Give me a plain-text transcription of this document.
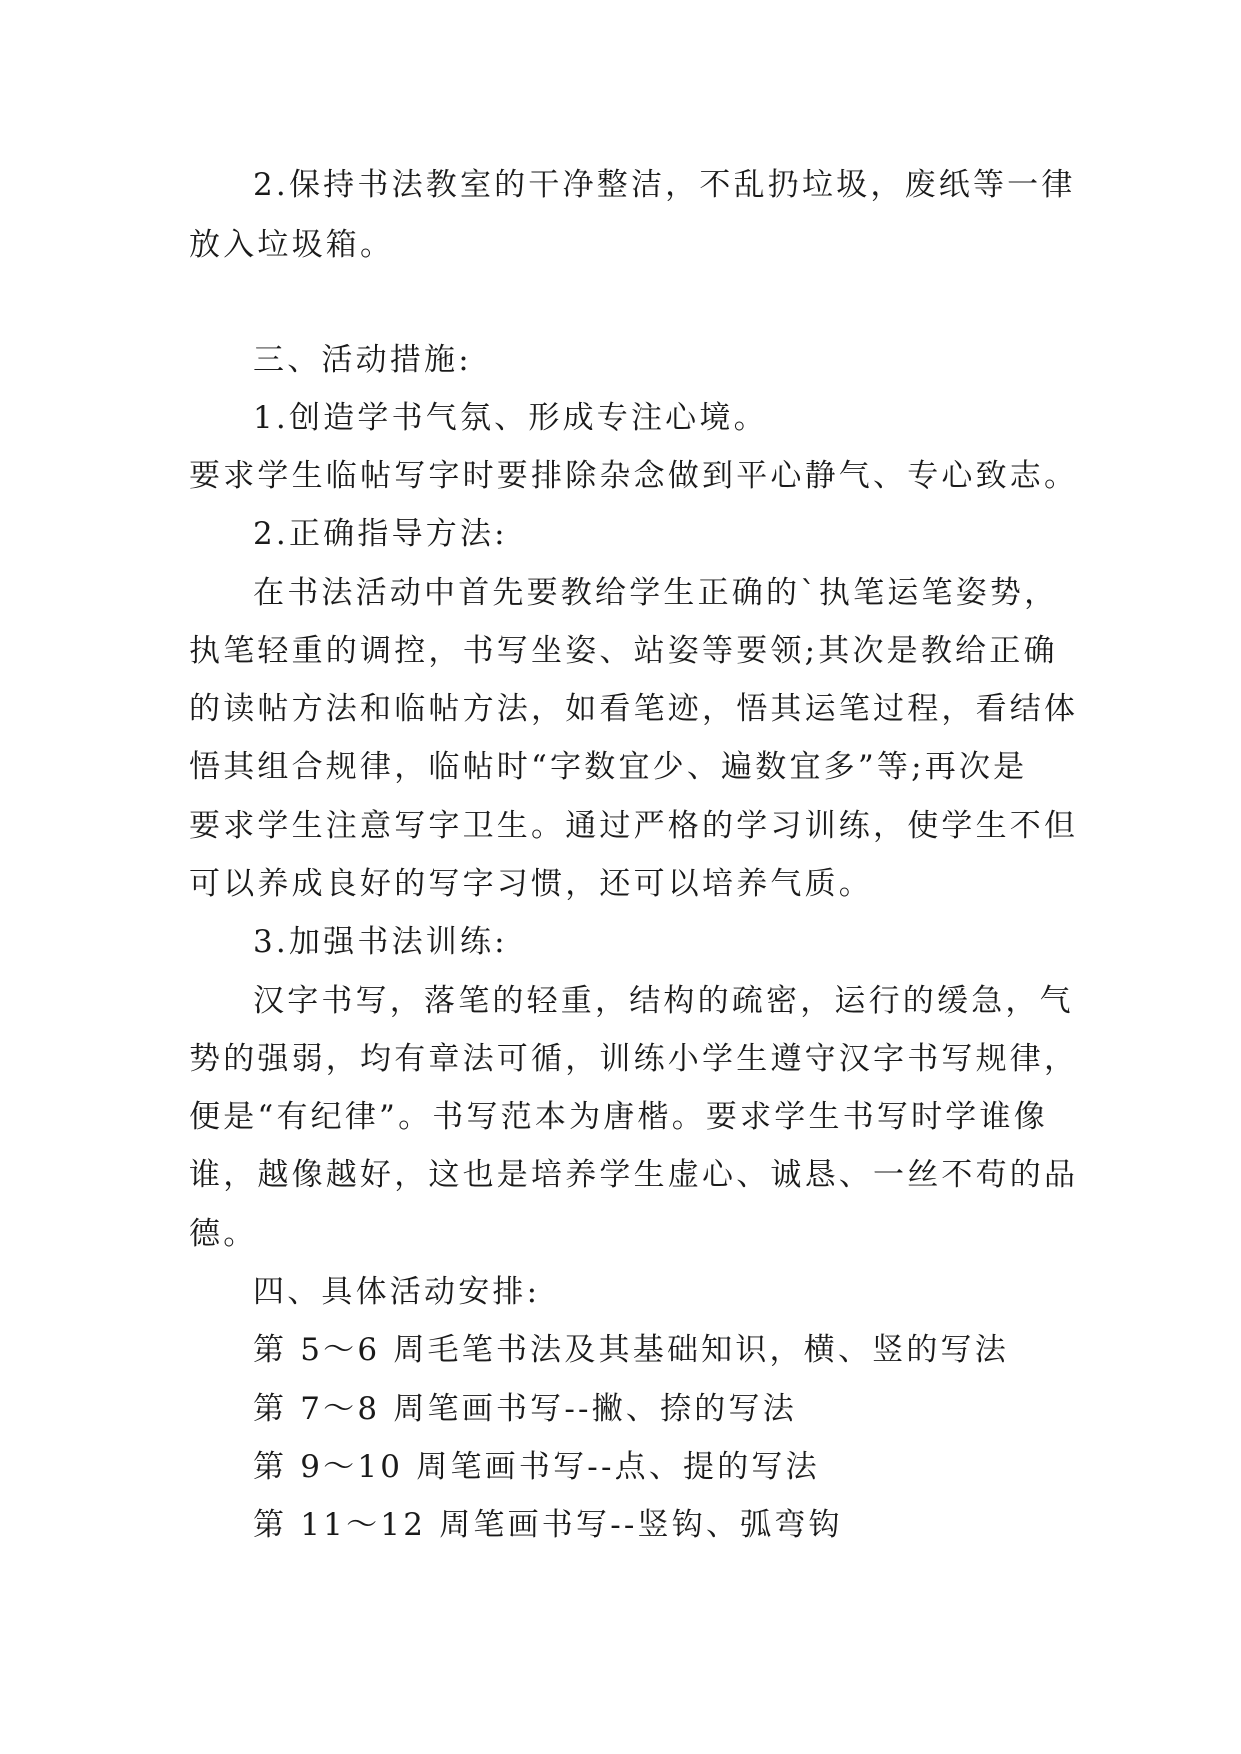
2.保持书法教室的干净整洁，不乱扔垃圾，废纸等一律
放入垃圾箱。
三、活动措施:
1.创造学书气氛、形成专注心境。
要求学生临帖写字时要排除杂念做到平心静气、专心致志。
2.正确指导方法:
在书法活动中首先要教给学生正确的`执笔运笔姿势，
执笔轻重的调控，书写坐姿、站姿等要领;其次是教给正确
的读帖方法和临帖方法，如看笔迹，悟其运笔过程，看结体
悟其组合规律，临帖时“字数宜少、遍数宜多”等;再次是
要求学生注意写字卫生。通过严格的学习训练，使学生不但
可以养成良好的写字习惯，还可以培养气质。
3.加强书法训练:
汉字书写，落笔的轻重，结构的疏密，运行的缓急，气
势的强弱，均有章法可循，训练小学生遵守汉字书写规律，
便是“有纪律”。书写范本为唐楷。要求学生书写时学谁像
谁，越像越好，这也是培养学生虚心、诚恳、一丝不苟的品
德。
四、具体活动安排:
第 5～6 周毛笔书法及其基础知识，横、竖的写法
第 7～8 周笔画书写--撇、捺的写法
第 9～10 周笔画书写--点、提的写法
第 11～12 周笔画书写--竖钩、弧弯钩
